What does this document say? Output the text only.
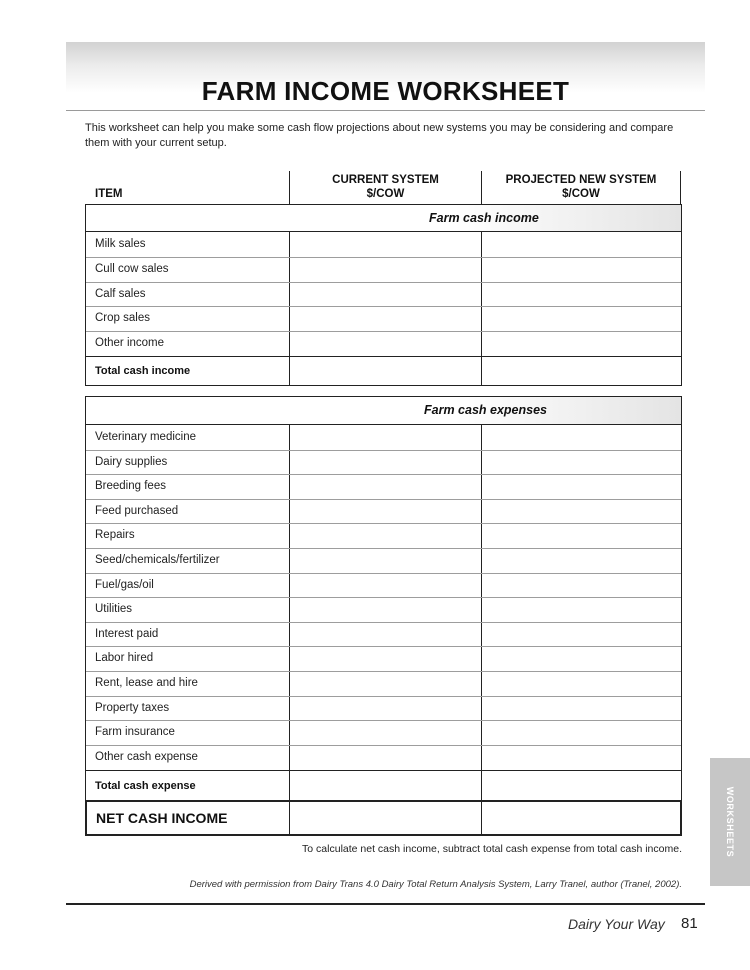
FARM INCOME WORKSHEET
This worksheet can help you make some cash flow projections about new systems you may be considering and compare them with your current setup.
ITEM
CURRENT SYSTEM
$/COW
PROJECTED NEW SYSTEM
$/COW
Farm cash income
Milk sales
Cull cow sales
Calf sales
Crop sales
Other income
Total cash income
Farm cash expenses
Veterinary medicine
Dairy supplies
Breeding fees
Feed purchased
Repairs
Seed/chemicals/fertilizer
Fuel/gas/oil
Utilities
Interest paid
Labor hired
Rent, lease and hire
Property taxes
Farm insurance
Other cash expense
Total cash expense
NET CASH INCOME
To calculate net cash income, subtract total cash expense from total cash income.
Derived with permission from Dairy Trans 4.0 Dairy Total Return Analysis System, Larry Tranel, author (Tranel, 2002).
Dairy Your Way 81
WORKSHEETS
